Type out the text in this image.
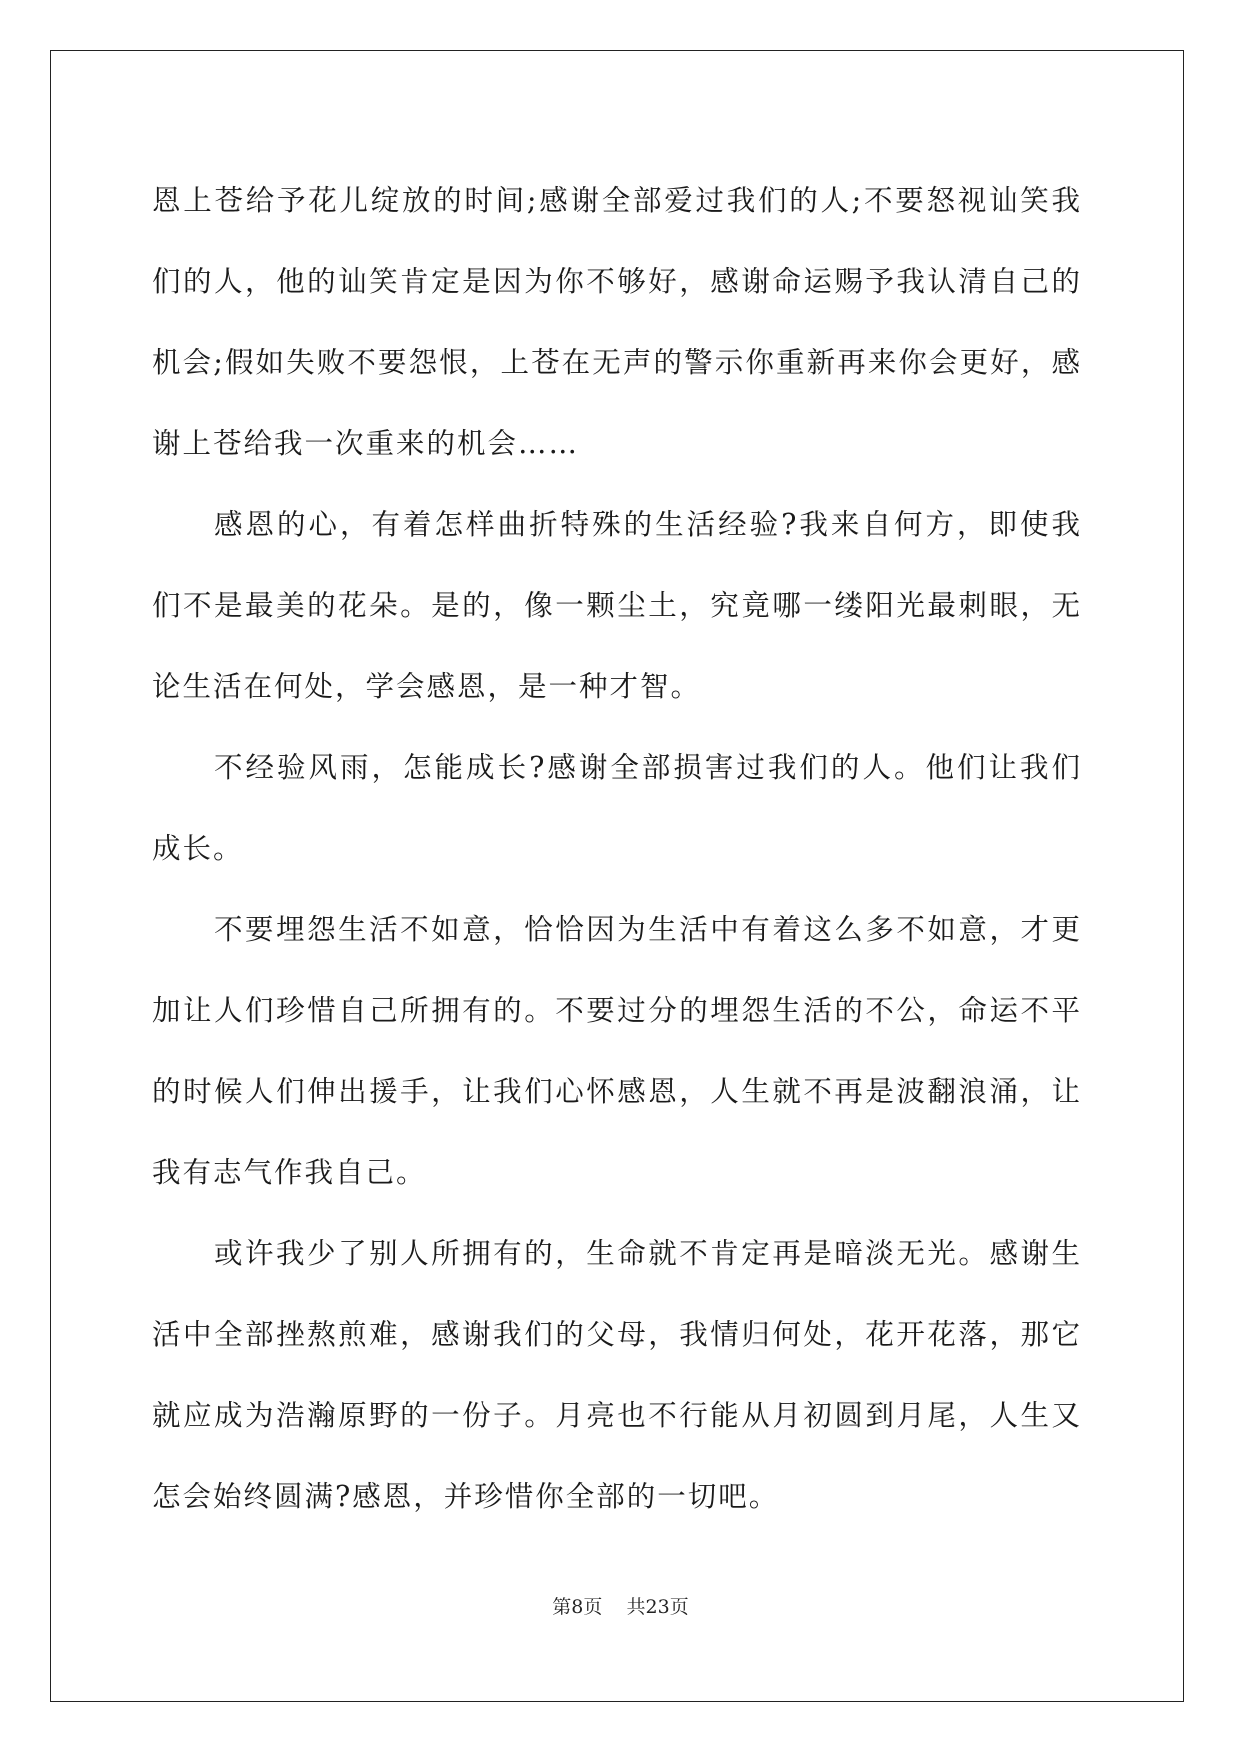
恩上苍给予花儿绽放的时间;感谢全部爱过我们的人;不要怒视讪笑我们的人，他的讪笑肯定是因为你不够好，感谢命运赐予我认清自己的机会;假如失败不要怨恨，上苍在无声的警示你重新再来你会更好，感谢上苍给我一次重来的机会……

感恩的心，有着怎样曲折特殊的生活经验?我来自何方，即使我们不是最美的花朵。是的，像一颗尘土，究竟哪一缕阳光最刺眼，无论生活在何处，学会感恩，是一种才智。

不经验风雨，怎能成长?感谢全部损害过我们的人。他们让我们成长。

不要埋怨生活不如意，恰恰因为生活中有着这么多不如意，才更加让人们珍惜自己所拥有的。不要过分的埋怨生活的不公，命运不平的时候人们伸出援手，让我们心怀感恩，人生就不再是波翻浪涌，让我有志气作我自己。

或许我少了别人所拥有的，生命就不肯定再是暗淡无光。感谢生活中全部挫熬煎难，感谢我们的父母，我情归何处，花开花落，那它就应成为浩瀚原野的一份子。月亮也不行能从月初圆到月尾，人生又怎会始终圆满?感恩，并珍惜你全部的一切吧。

第8页 共23页
